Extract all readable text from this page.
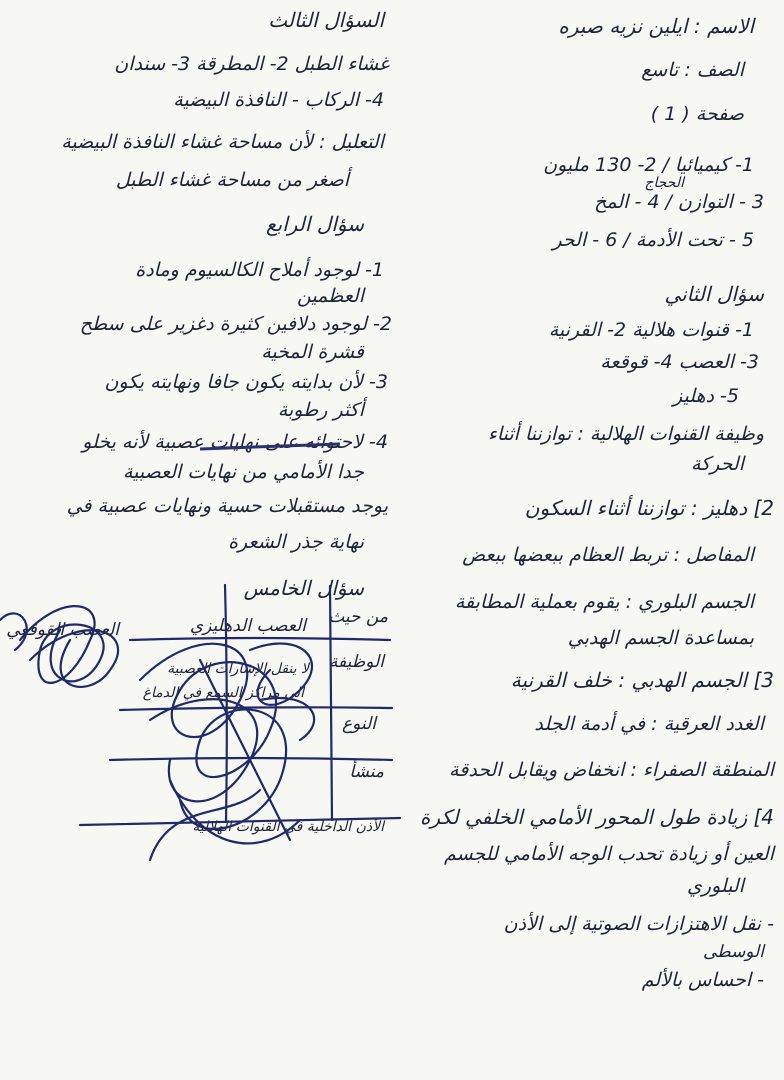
الاسم : ايلين نزيه صبره
الصف : تاسع
صفحة ( 1 )
الحجاج
1- كيميائيا / 2- 130 مليون
3 - التوازن / 4 - المخ
5 - تحت الأدمة / 6 - الحر
سؤال الثاني
1- قنوات هلالية 2- القرنية
3- العصب 4- قوقعة
5- دهليز
وظيفة القنوات الهلالية : توازننا أثناء
الحركة
2] دهليز : توازننا أثناء السكون
المفاصل : تربط العظام ببعضها ببعض
الجسم البلوري : يقوم بعملية المطابقة
بمساعدة الجسم الهدبي
3] الجسم الهدبي : خلف القرنية
الغدد العرقية : في أدمة الجلد
المنطقة الصفراء : انخفاض ويقابل الحدقة
4] زيادة طول المحور الأمامي الخلفي لكرة
العين أو زيادة تحدب الوجه الأمامي للجسم
البلوري
- نقل الاهتزازات الصوتية إلى الأذن
الوسطى
- احساس بالألم
السؤال الثالث
غشاء الطبل 2- المطرقة 3- سندان
4- الركاب - النافذة البيضية
التعليل : لأن مساحة غشاء النافذة البيضية
أصغر من مساحة غشاء الطبل
سؤال الرابع
1- لوجود أملاح الكالسيوم ومادة
العظمين
2- لوجود دلافين كثيرة دغزير على سطح
قشرة المخية
3- لأن بدايته يكون جافا ونهايته يكون
أكثر رطوبة
4- لاحتوائه على نهايات عصبية لأنه يخلو
جدا الأمامي من نهايات العصبية
يوجد مستقبلات حسية ونهايات عصبية في
نهاية جذر الشعرة
سؤال الخامس
من حيث
العصب الدهليزي
العصب القوقعي
الوظيفة
لا ينقل الإشارات العصبية
الى مراكز السمع في الدماغ
النوع
منشأ
الأذن الداخلية في القنوات الهلالية
